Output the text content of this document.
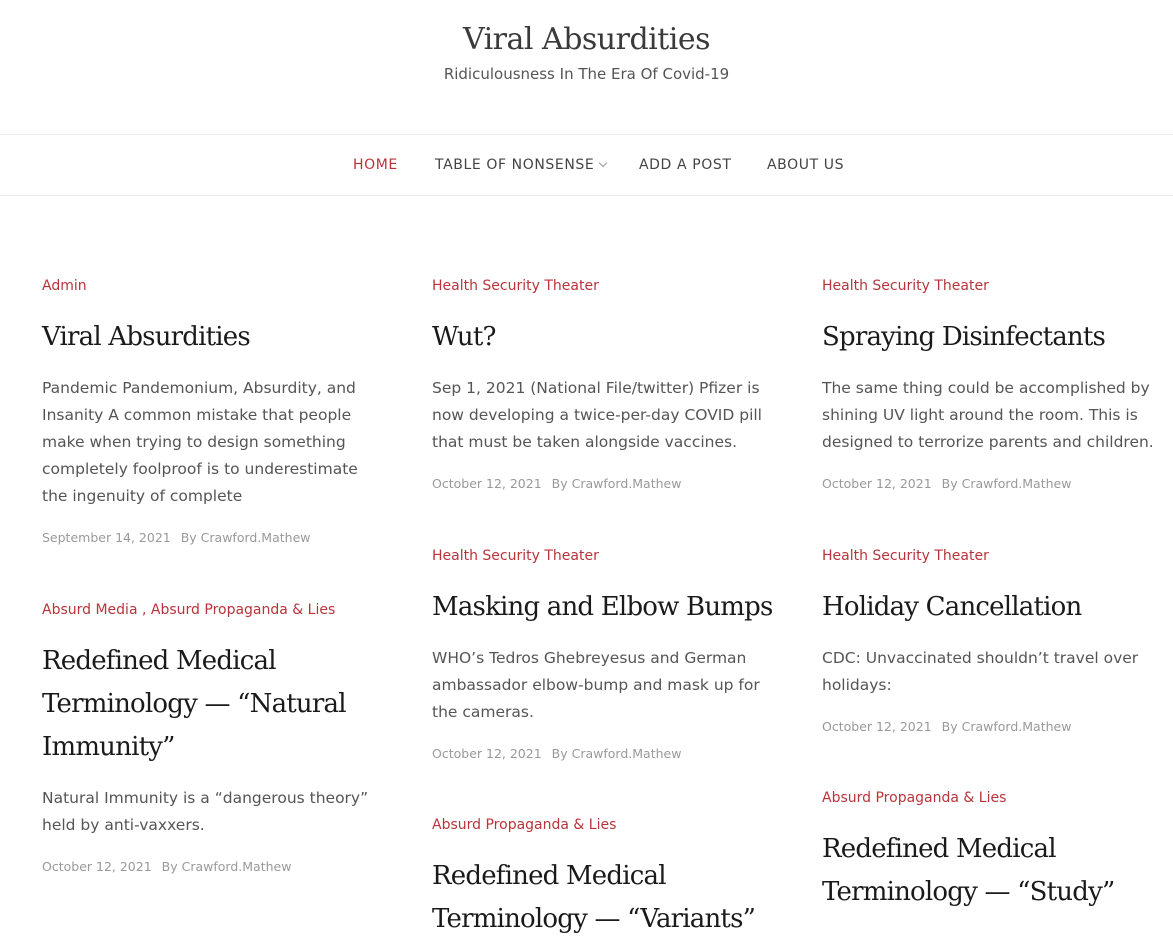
Viral Absurdities
Ridiculousness In The Era Of Covid-19
HOME	TABLE OF NONSENSE	ADD A POST	ABOUT US
Admin
Viral Absurdities
Pandemic Pandemonium, Absurdity, and Insanity A common mistake that people make when trying to design something completely foolproof is to underestimate the ingenuity of complete
September 14, 2021 By Crawford.Mathew
Absurd Media , Absurd Propaganda & Lies
Redefined Medical Terminology — “Natural Immunity”
Natural Immunity is a “dangerous theory” held by anti-vaxxers.
October 12, 2021 By Crawford.Mathew
Health Security Theater
Wut?
Sep 1, 2021 (National File/twitter) Pfizer is now developing a twice-per-day COVID pill that must be taken alongside vaccines.
October 12, 2021 By Crawford.Mathew
Health Security Theater
Masking and Elbow Bumps
WHO’s Tedros Ghebreyesus and German ambassador elbow-bump and mask up for the cameras.
October 12, 2021 By Crawford.Mathew
Absurd Propaganda & Lies
Redefined Medical Terminology — “Variants”
Health Security Theater
Spraying Disinfectants
The same thing could be accomplished by shining UV light around the room. This is designed to terrorize parents and children.
October 12, 2021 By Crawford.Mathew
Health Security Theater
Holiday Cancellation
CDC: Unvaccinated shouldn’t travel over holidays:
October 12, 2021 By Crawford.Mathew
Absurd Propaganda & Lies
Redefined Medical Terminology — “Study”
